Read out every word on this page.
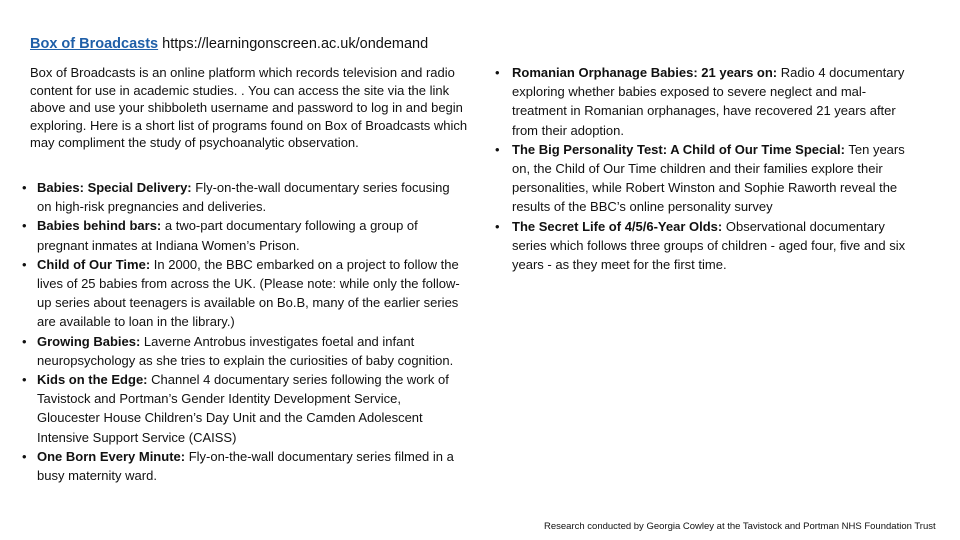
Box of Broadcasts https://learningonscreen.ac.uk/ondemand

Box of Broadcasts is an online platform which records television and radio content for use in academic studies. . You can access the site via the link above and use your shibboleth username and password to log in and begin exploring. Here is a short list of programs found on Box of Broadcasts which may compliment the study of psychoanalytic observation.

• Babies: Special Delivery: Fly-on-the-wall documentary series focusing on high-risk pregnancies and deliveries.
• Babies behind bars: a two-part documentary following a group of pregnant inmates at Indiana Women’s Prison.
• Child of Our Time: In 2000, the BBC embarked on a project to follow the lives of 25 babies from across the UK. (Please note: while only the follow-up series about teenagers is available on Bo.B, many of the earlier series are available to loan in the library.)
• Growing Babies: Laverne Antrobus investigates foetal and infant neuropsychology as she tries to explain the curiosities of baby cognition.
• Kids on the Edge: Channel 4 documentary series following the work of Tavistock and Portman’s Gender Identity Development Service, Gloucester House Children’s Day Unit and the Camden Adolescent Intensive Support Service (CAISS)
• One Born Every Minute: Fly-on-the-wall documentary series filmed in a busy maternity ward.
• Romanian Orphanage Babies: 21 years on: Radio 4 documentary exploring whether babies exposed to severe neglect and mal- treatment in Romanian orphanages, have recovered 21 years after from their adoption.
• The Big Personality Test: A Child of Our Time Special: Ten years on, the Child of Our Time children and their families explore their personalities, while Robert Winston and Sophie Raworth reveal the results of the BBC’s online personality survey
• The Secret Life of 4/5/6-Year Olds: Observational documentary series which follows three groups of children - aged four, five and six years - as they meet for the first time.
Research conducted by Georgia Cowley at the Tavistock and Portman NHS Foundation Trust
